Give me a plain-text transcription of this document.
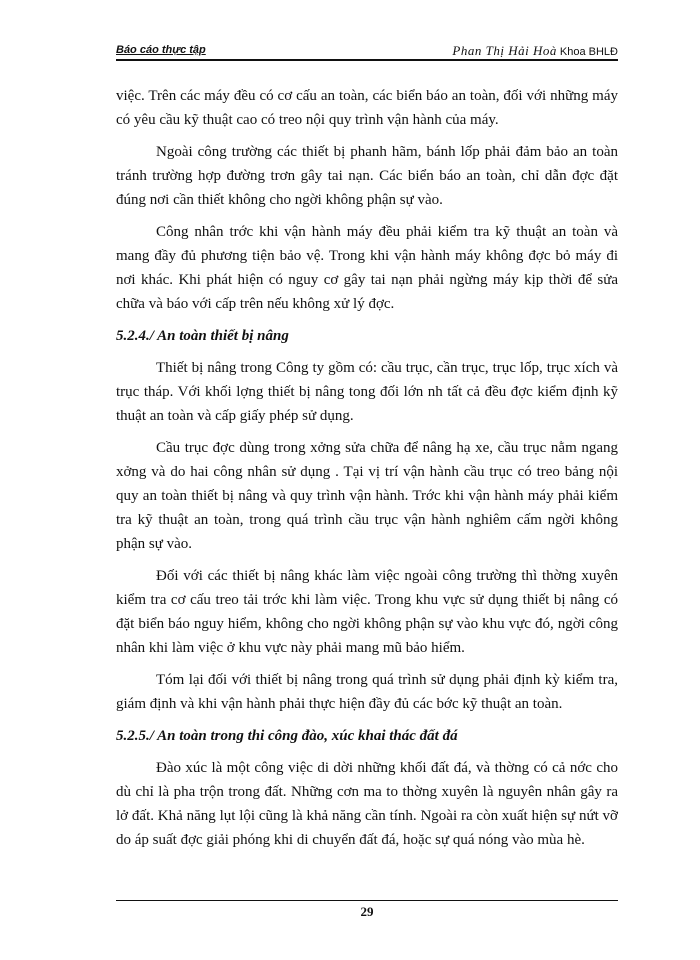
Báo cáo thực tập	Phan Thị Hải Hoà Khoa BHLĐ

việc. Trên các máy đều có cơ cấu an toàn, các biển báo an toàn, đối với những máy có yêu cầu kỹ thuật cao có treo nội quy trình vận hành của máy.

Ngoài công trường các thiết bị phanh hãm, bánh lốp phải đảm bảo an toàn tránh trường hợp đường trơn gây tai nạn. Các biển báo an toàn, chỉ dẫn đợc đặt đúng nơi cần thiết không cho ngời không phận sự vào.

Công nhân trớc khi vận hành máy đều phải kiểm tra kỹ thuật an toàn và mang đầy đủ phương tiện bảo vệ. Trong khi vận hành máy không đợc bỏ máy đi nơi khác. Khi phát hiện có nguy cơ gây tai nạn phải ngừng máy kịp thời để sửa chữa và báo với cấp trên nếu không xử lý đợc.

5.2.4./ An toàn thiết bị nâng

Thiết bị nâng trong Công ty gồm có: cầu trục, cần trục, trục lốp, trục xích và trục tháp. Với khối lợng thiết bị nâng tong đối lớn nh tất cả đều đợc kiểm định kỹ thuật an toàn và cấp giấy phép sử dụng.

Cầu trục đợc dùng trong xởng sửa chữa để nâng hạ xe, cầu trục nằm ngang xởng và do hai công nhân sử dụng . Tại vị trí vận hành cầu trục có treo bảng nội quy an toàn thiết bị nâng và quy trình vận hành. Trớc khi vận hành máy phải kiểm tra kỹ thuật an toàn, trong quá trình cầu trục vận hành nghiêm cấm ngời không phận sự vào.

Đối với các thiết bị nâng khác làm việc ngoài công trường thì thờng xuyên kiểm tra cơ cấu treo tải trớc khi làm việc. Trong khu vực sử dụng thiết bị nâng có đặt biển báo nguy hiểm, không cho ngời không phận sự vào khu vực đó, ngời công nhân khi làm việc ở khu vực này phải mang mũ bảo hiểm.

Tóm lại đối với thiết bị nâng trong quá trình sử dụng phải định kỳ kiểm tra, giám định và khi vận hành phải thực hiện đầy đủ các bớc kỹ thuật an toàn.

5.2.5./ An toàn trong thi công đào, xúc khai thác đất đá

Đào xúc là một công việc di dời những khối đất đá, và thờng có cả nớc cho dù chỉ là pha trộn trong đất. Những cơn ma to thờng xuyên là nguyên nhân gây ra lở đất. Khả năng lụt lội cũng là khả năng cần tính. Ngoài ra còn xuất hiện sự nứt vỡ do áp suất đợc giải phóng khi di chuyển đất đá, hoặc sự quá nóng vào mùa hè.

29
